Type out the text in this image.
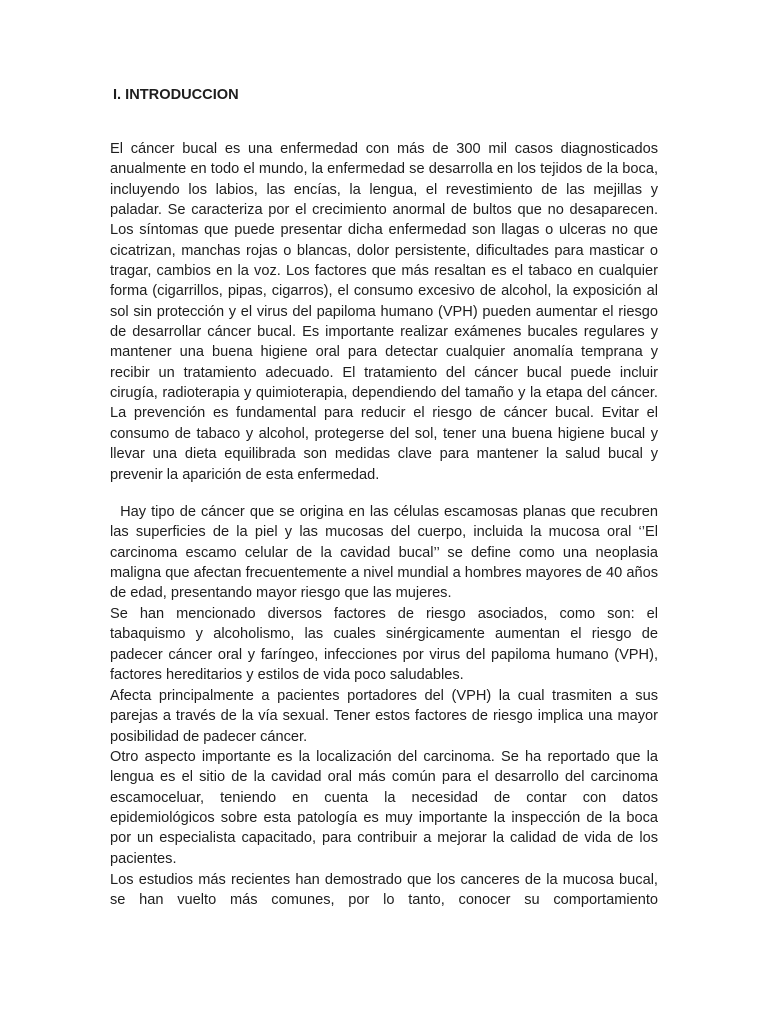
I. INTRODUCCION

El cáncer bucal es una enfermedad con más de 300 mil casos diagnosticados anualmente en todo el mundo, la enfermedad se desarrolla en los tejidos de la boca, incluyendo los labios, las encías, la lengua, el revestimiento de las mejillas y paladar. Se caracteriza por el crecimiento anormal de bultos que no desaparecen. Los síntomas que puede presentar dicha enfermedad son llagas o ulceras no que cicatrizan, manchas rojas o blancas, dolor persistente, dificultades para masticar o tragar, cambios en la voz. Los factores que más resaltan es el tabaco en cualquier forma (cigarrillos, pipas, cigarros), el consumo excesivo de alcohol, la exposición al sol sin protección y el virus del papiloma humano (VPH) pueden aumentar el riesgo de desarrollar cáncer bucal. Es importante realizar exámenes bucales regulares y mantener una buena higiene oral para detectar cualquier anomalía temprana y recibir un tratamiento adecuado. El tratamiento del cáncer bucal puede incluir cirugía, radioterapia y quimioterapia, dependiendo del tamaño y la etapa del cáncer. La prevención es fundamental para reducir el riesgo de cáncer bucal. Evitar el consumo de tabaco y alcohol, protegerse del sol, tener una buena higiene bucal y llevar una dieta equilibrada son medidas clave para mantener la salud bucal y prevenir la aparición de esta enfermedad.

Hay tipo de cáncer que se origina en las células escamosas planas que recubren las superficies de la piel y las mucosas del cuerpo, incluida la mucosa oral ‘’El carcinoma escamo celular de la cavidad bucal’’ se define como una neoplasia maligna que afectan frecuentemente a nivel mundial a hombres mayores de 40 años de edad, presentando mayor riesgo que las mujeres.

Se han mencionado diversos factores de riesgo asociados, como son: el tabaquismo y alcoholismo, las cuales sinérgicamente aumentan el riesgo de padecer cáncer oral y faríngeo, infecciones por virus del papiloma humano (VPH), factores hereditarios y estilos de vida poco saludables.

Afecta principalmente a pacientes portadores del (VPH) la cual trasmiten a sus parejas a través de la vía sexual. Tener estos factores de riesgo implica una mayor posibilidad de padecer cáncer.

Otro aspecto importante es la localización del carcinoma. Se ha reportado que la lengua es el sitio de la cavidad oral más común para el desarrollo del carcinoma escamoceluar, teniendo en cuenta la necesidad de contar con datos epidemiológicos sobre esta patología es muy importante la inspección de la boca por un especialista capacitado, para contribuir a mejorar la calidad de vida de los pacientes.

Los estudios más recientes han demostrado que los canceres de la mucosa bucal, se han vuelto más comunes, por lo tanto, conocer su comportamiento
